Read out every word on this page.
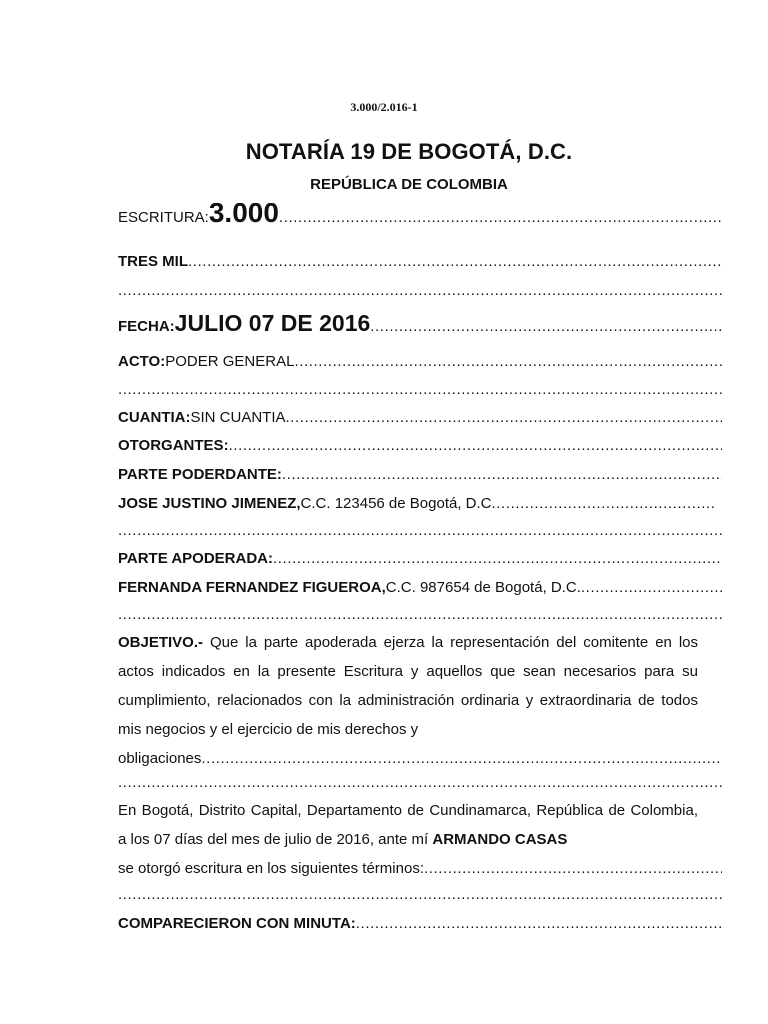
3.000/2.016-1
NOTARÍA 19 DE BOGOTÁ, D.C.
REPÚBLICA DE COLOMBIA
ESCRITURA: 3.000
.....
TRES MIL
.....
.....
FECHA: JULIO 07 DE 2016
.....
ACTO: PODER GENERAL
.....
.....
CUANTIA: SIN CUANTIA
.....
OTORGANTES:
.....
PARTE PODERDANTE:
.....
JOSE JUSTINO JIMENEZ, C.C. 123456 de Bogotá, D.C
.....
.....
PARTE APODERADA:
.....
FERNANDA FERNANDEZ FIGUEROA, C.C. 987654 de Bogotá, D.C.
.....
.....
OBJETIVO.- Que la parte apoderada ejerza la representación del comitente en los actos indicados en la presente Escritura y aquellos que sean necesarios para su cumplimiento, relacionados con la administración ordinaria y extraordinaria de todos mis negocios y el ejercicio de mis derechos y
obligaciones
.....
.....
En Bogotá, Distrito Capital, Departamento de Cundinamarca, República de Colombia, a los 07 días del mes de julio de 2016, ante mí ARMANDO CASAS
se otorgó escritura en los siguientes términos:
.....
.....
COMPARECIERON CON MINUTA:
.....
